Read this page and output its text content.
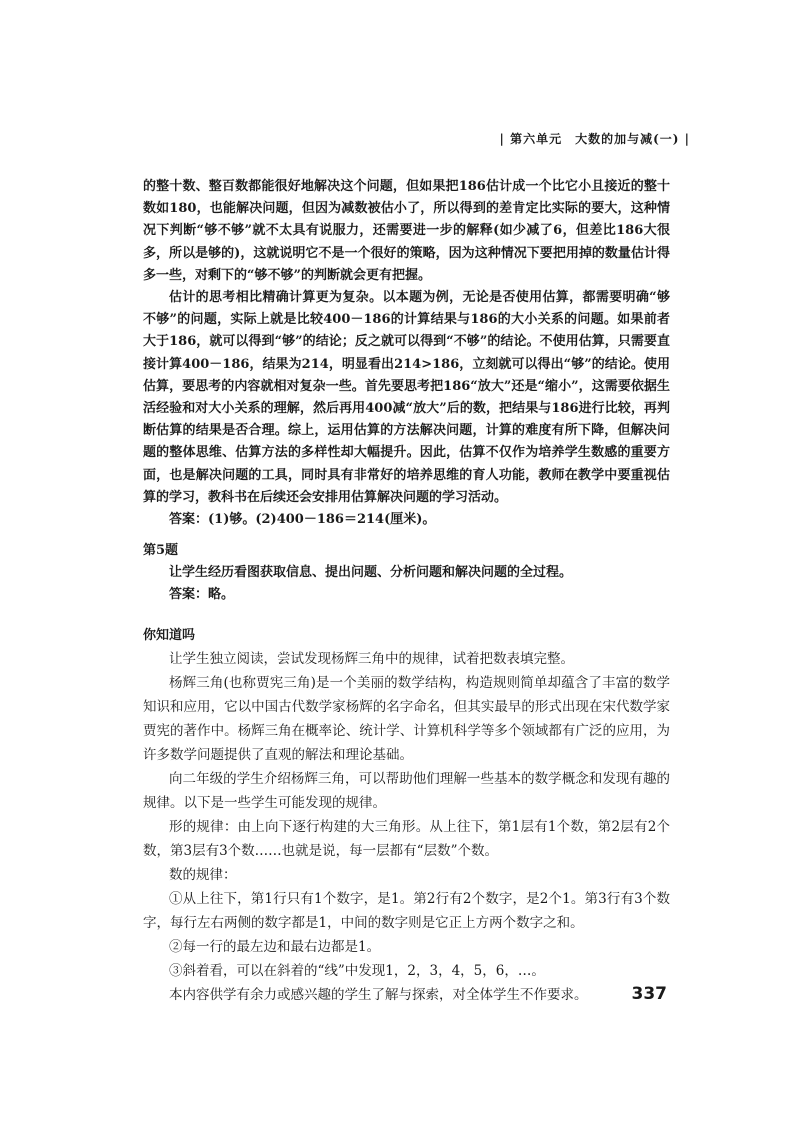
| 第六单元　大数的加与减(一) |

的整十数、整百数都能很好地解决这个问题，但如果把186估计成一个比它小且接近的整十数如180，也能解决问题，但因为减数被估小了，所以得到的差肯定比实际的要大，这种情况下判断“够不够”就不太具有说服力，还需要进一步的解释(如少减了6，但差比186大很多，所以是够的)，这就说明它不是一个很好的策略，因为这种情况下要把用掉的数量估计得多一些，对剩下的“够不够”的判断就会更有把握。

估计的思考相比精确计算更为复杂。以本题为例，无论是否使用估算，都需要明确“够不够”的问题，实际上就是比较400－186的计算结果与186的大小关系的问题。如果前者大于186，就可以得到“够”的结论；反之就可以得到“不够”的结论。不使用估算，只需要直接计算400－186，结果为214，明显看出214>186，立刻就可以得出“够”的结论。使用估算，要思考的内容就相对复杂一些。首先要思考把186“放大”还是“缩小”，这需要依据生活经验和对大小关系的理解，然后再用400减“放大”后的数，把结果与186进行比较，再判断估算的结果是否合理。综上，运用估算的方法解决问题，计算的难度有所下降，但解决问题的整体思维、估算方法的多样性却大幅提升。因此，估算不仅作为培养学生数感的重要方面，也是解决问题的工具，同时具有非常好的培养思维的育人功能，教师在教学中要重视估算的学习，教科书在后续还会安排用估算解决问题的学习活动。

答案：(1)够。(2)400－186＝214(厘米)。

第5题

让学生经历看图获取信息、提出问题、分析问题和解决问题的全过程。

答案：略。

你知道吗

让学生独立阅读，尝试发现杨辉三角中的规律，试着把数表填完整。

杨辉三角(也称贾宪三角)是一个美丽的数学结构，构造规则简单却蕴含了丰富的数学知识和应用，它以中国古代数学家杨辉的名字命名，但其实最早的形式出现在宋代数学家贾宪的著作中。杨辉三角在概率论、统计学、计算机科学等多个领域都有广泛的应用，为许多数学问题提供了直观的解法和理论基础。

向二年级的学生介绍杨辉三角，可以帮助他们理解一些基本的数学概念和发现有趣的规律。以下是一些学生可能发现的规律。

形的规律：由上向下逐行构建的大三角形。从上往下，第1层有1个数，第2层有2个数，第3层有3个数……也就是说，每一层都有“层数”个数。

数的规律：

①从上往下，第1行只有1个数字，是1。第2行有2个数字，是2个1。第3行有3个数字，每行左右两侧的数字都是1，中间的数字则是它正上方两个数字之和。

②每一行的最左边和最右边都是1。

③斜着看，可以在斜着的“线”中发现1，2，3，4，5，6，…。

本内容供学有余力或感兴趣的学生了解与探索，对全体学生不作要求。	337
